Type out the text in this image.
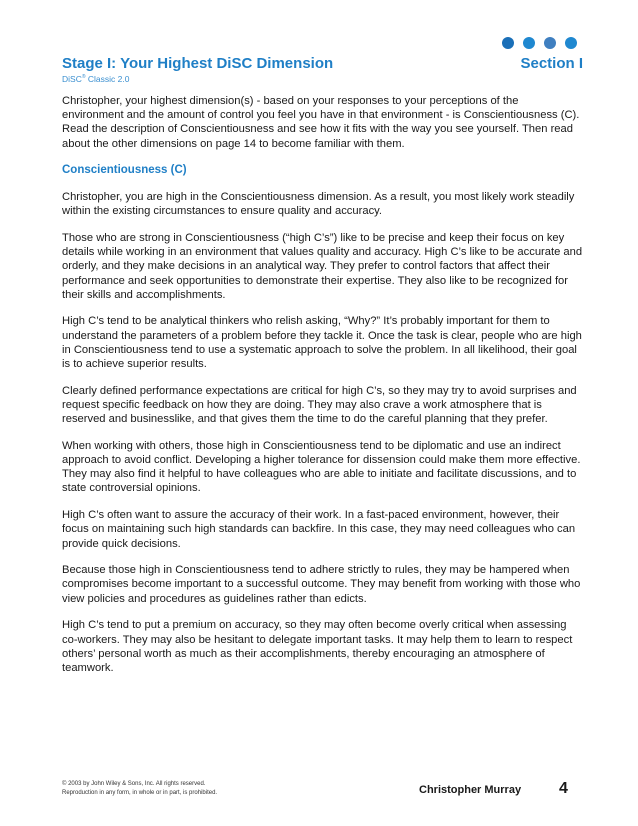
Stage I: Your Highest DiSC Dimension	Section I
DiSC® Classic 2.0

Christopher, your highest dimension(s) - based on your responses to your perceptions of the environment and the amount of control you feel you have in that environment - is Conscientiousness (C). Read the description of Conscientiousness and see how it fits with the way you see yourself. Then read about the other dimensions on page 14 to become familiar with them.

Conscientiousness (C)

Christopher, you are high in the Conscientiousness dimension. As a result, you most likely work steadily within the existing circumstances to ensure quality and accuracy.

Those who are strong in Conscientiousness (“high C’s”) like to be precise and keep their focus on key details while working in an environment that values quality and accuracy. High C’s like to be accurate and orderly, and they make decisions in an analytical way. They prefer to control factors that affect their performance and seek opportunities to demonstrate their expertise. They also like to be recognized for their skills and accomplishments.

High C’s tend to be analytical thinkers who relish asking, “Why?” It’s probably important for them to understand the parameters of a problem before they tackle it. Once the task is clear, people who are high in Conscientiousness tend to use a systematic approach to solve the problem. In all likelihood, their goal is to achieve superior results.

Clearly defined performance expectations are critical for high C’s, so they may try to avoid surprises and request specific feedback on how they are doing. They may also crave a work atmosphere that is reserved and businesslike, and that gives them the time to do the careful planning that they prefer.

When working with others, those high in Conscientiousness tend to be diplomatic and use an indirect approach to avoid conflict. Developing a higher tolerance for dissension could make them more effective. They may also find it helpful to have colleagues who are able to initiate and facilitate discussions, and to state controversial opinions.

High C’s often want to assure the accuracy of their work. In a fast-paced environment, however, their focus on maintaining such high standards can backfire. In this case, they may need colleagues who can provide quick decisions.

Because those high in Conscientiousness tend to adhere strictly to rules, they may be hampered when compromises become important to a successful outcome. They may benefit from working with those who view policies and procedures as guidelines rather than edicts.

High C’s tend to put a premium on accuracy, so they may often become overly critical when assessing co-workers. They may also be hesitant to delegate important tasks. It may help them to learn to respect others’ personal worth as much as their accomplishments, thereby encouraging an atmosphere of teamwork.

© 2003 by John Wiley & Sons, Inc. All rights reserved.
Reproduction in any form, in whole or in part, is prohibited.	Christopher Murray 4
